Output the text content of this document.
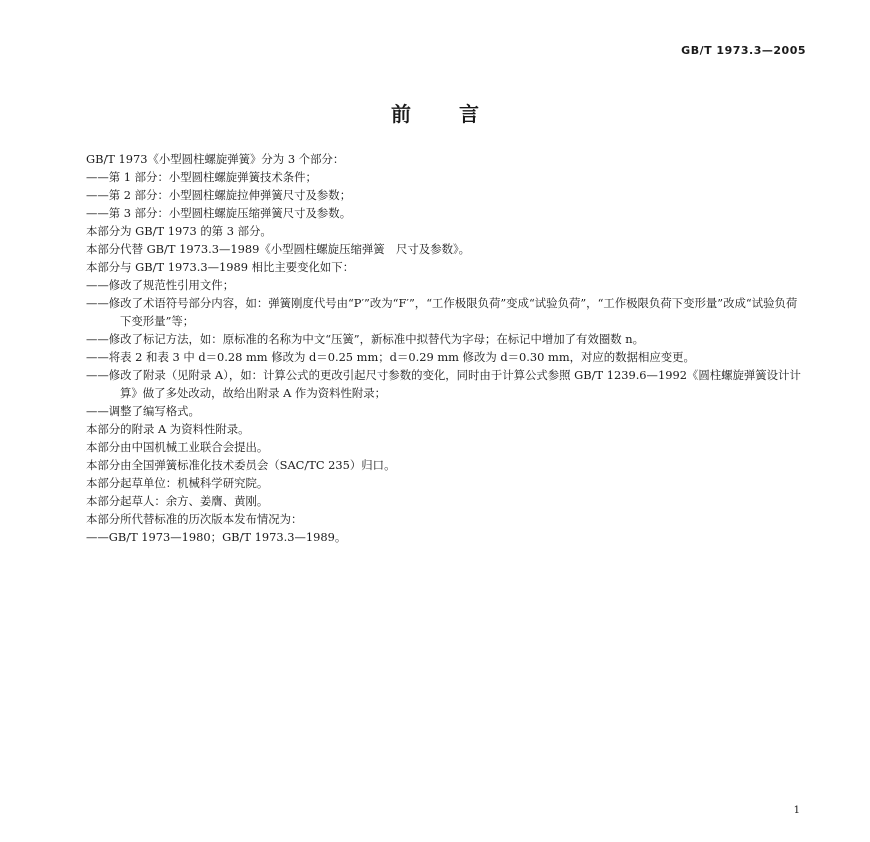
GB/T 1973.3—2005
前言

GB/T 1973《小型圆柱螺旋弹簧》分为 3 个部分：

——第 1 部分：小型圆柱螺旋弹簧技术条件；

——第 2 部分：小型圆柱螺旋拉伸弹簧尺寸及参数；

——第 3 部分：小型圆柱螺旋压缩弹簧尺寸及参数。

本部分为 GB/T 1973 的第 3 部分。

本部分代替 GB/T 1973.3—1989《小型圆柱螺旋压缩弹簧　尺寸及参数》。

本部分与 GB/T 1973.3—1989 相比主要变化如下：

——修改了规范性引用文件；

——修改了术语符号部分内容，如：弹簧刚度代号由“P′”改为“F′”，“工作极限负荷”变成“试验负荷”，“工作极限负荷下变形量”改成“试验负荷下变形量”等；

——修改了标记方法，如：原标准的名称为中文“压簧”，新标准中拟替代为字母；在标记中增加了有效圈数 n。

——将表 2 和表 3 中 d＝0.28 mm 修改为 d＝0.25 mm；d＝0.29 mm 修改为 d＝0.30 mm，对应的数据相应变更。

——修改了附录（见附录 A），如：计算公式的更改引起尺寸参数的变化，同时由于计算公式参照 GB/T 1239.6—1992《圆柱螺旋弹簧设计计算》做了多处改动，故给出附录 A 作为资料性附录；

——调整了编写格式。

本部分的附录 A 为资料性附录。

本部分由中国机械工业联合会提出。

本部分由全国弹簧标准化技术委员会（SAC/TC 235）归口。

本部分起草单位：机械科学研究院。

本部分起草人：余方、姜膺、黄刚。

本部分所代替标准的历次版本发布情况为：

——GB/T 1973—1980；GB/T 1973.3—1989。

1
